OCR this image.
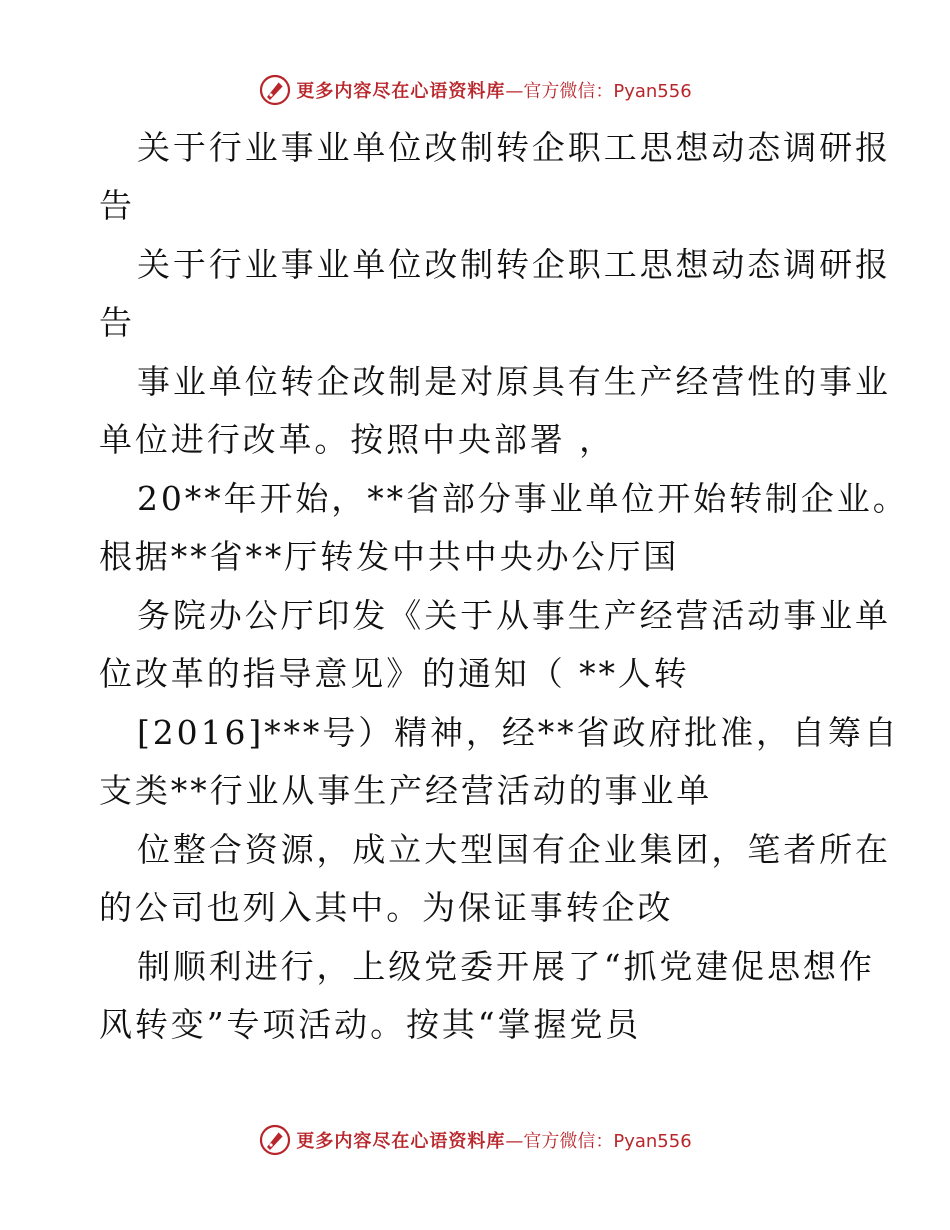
更多内容尽在心语资料库 —官方微信：Pyan556
关于行业事业单位改制转企职工思想动态调研报
告
关于行业事业单位改制转企职工思想动态调研报
告
事业单位转企改制是对原具有生产经营性的事业
单位进行改革。按照中央部署 ，
20**年开始，**省部分事业单位开始转制企业。
根据**省**厅转发中共中央办公厅国
务院办公厅印发《关于从事生产经营活动事业单
位改革的指导意见》的通知（ **人转
[2016]***号）精神，经**省政府批准，自筹自
支类**行业从事生产经营活动的事业单
位整合资源，成立大型国有企业集团，笔者所在
的公司也列入其中。为保证事转企改
制顺利进行，上级党委开展了“抓党建促思想作
风转变”专项活动。按其“掌握党员
更多内容尽在心语资料库 —官方微信：Pyan556
